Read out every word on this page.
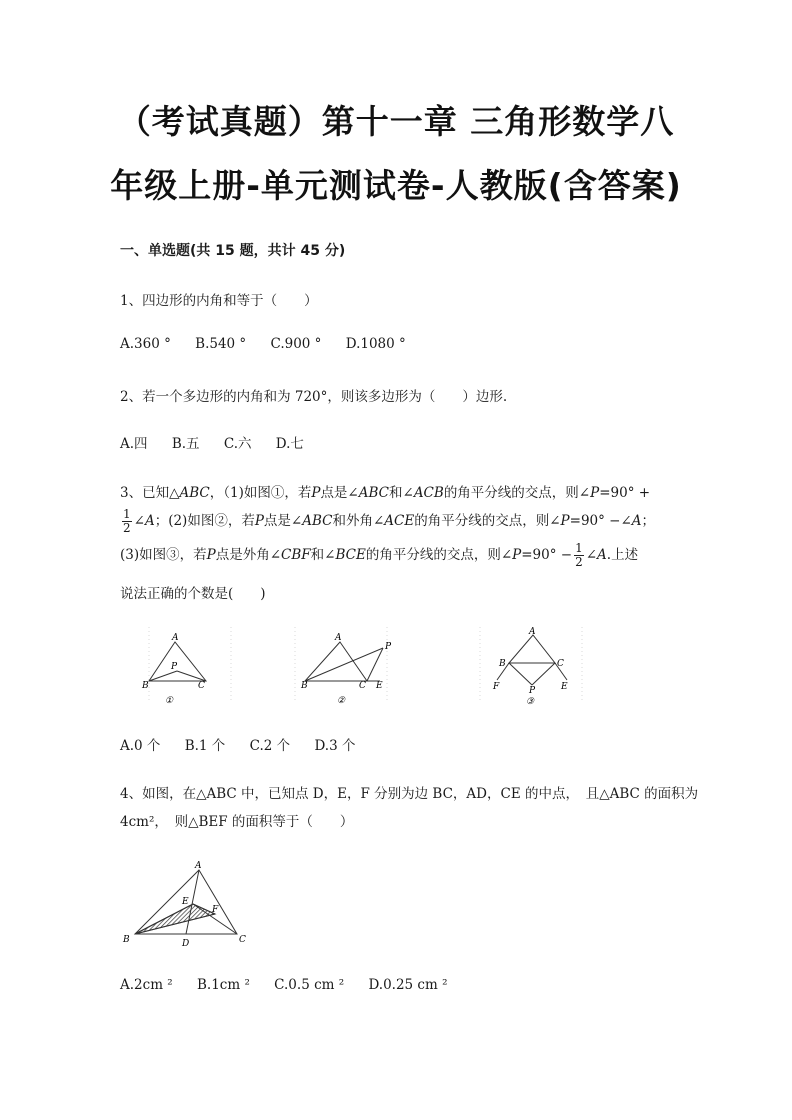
（考试真题）第十一章 三角形数学八
年级上册-单元测试卷-人教版(含答案)
一、单选题(共 15 题，共计 45 分)
1、四边形的内角和等于（　　）
A.360 ° B.540 ° C.900 ° D.1080 °
2、若一个多边形的内角和为 720°，则该多边形为（　　）边形.
A.四 B.五 C.六 D.七
3、已知△ABC，（1)如图①，若P点是∠ABC和∠ACB的角平分线的交点，则∠P=90° +
$\frac{1}{2}$ ∠A；(2)如图②，若P点是∠ABC和外角∠ACE的角平分线的交点，则∠P=90° −∠A；
(3)如图③，若P点是外角∠CBF和∠BCE的角平分线的交点，则∠P=90° − $\frac{1}{2}$ ∠A.上述
说法正确的个数是(　　)
A
B	C
P
①
A
B	C E
P
②
A
B	C
F	E
P
③
A.0 个 B.1 个 C.2 个 D.3 个
4、如图，在△ABC 中，已知点 D，E，F 分别为边 BC，AD，CE 的中点，　且△ABC 的面积为
4cm²，　则△BEF 的面积等于（　　）
A
B	C
D
E
F
A.2cm ² B.1cm ² C.0.5 cm ² D.0.25 cm ²
